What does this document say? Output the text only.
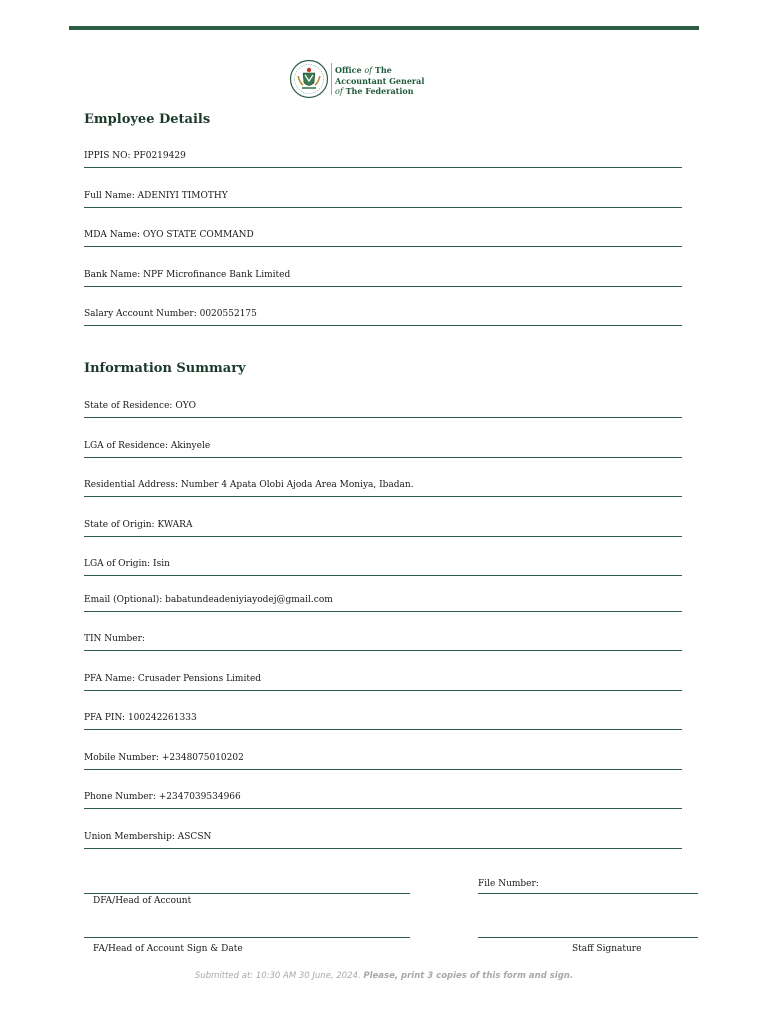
Office of The
Accountant General
of The Federation
Employee Details
IPPIS NO: PF0219429
Full Name: ADENIYI TIMOTHY
MDA Name: OYO STATE COMMAND
Bank Name: NPF Microfinance Bank Limited
Salary Account Number: 0020552175
Information Summary
State of Residence: OYO
LGA of Residence: Akinyele
Residential Address: Number 4 Apata Olobi Ajoda Area Moniya, Ibadan.
State of Origin: KWARA
LGA of Origin: Isin
Email (Optional): babatundeadeniyiayodej@gmail.com
TIN Number:
PFA Name: Crusader Pensions Limited
PFA PIN: 100242261333
Mobile Number: +2348075010202
Phone Number: +2347039534966
Union Membership: ASCSN
DFA/Head of Account
File Number:
FA/Head of Account Sign & Date	Staff Signature
Submitted at: 10:30 AM 30 June, 2024. Please, print 3 copies of this form and sign.
